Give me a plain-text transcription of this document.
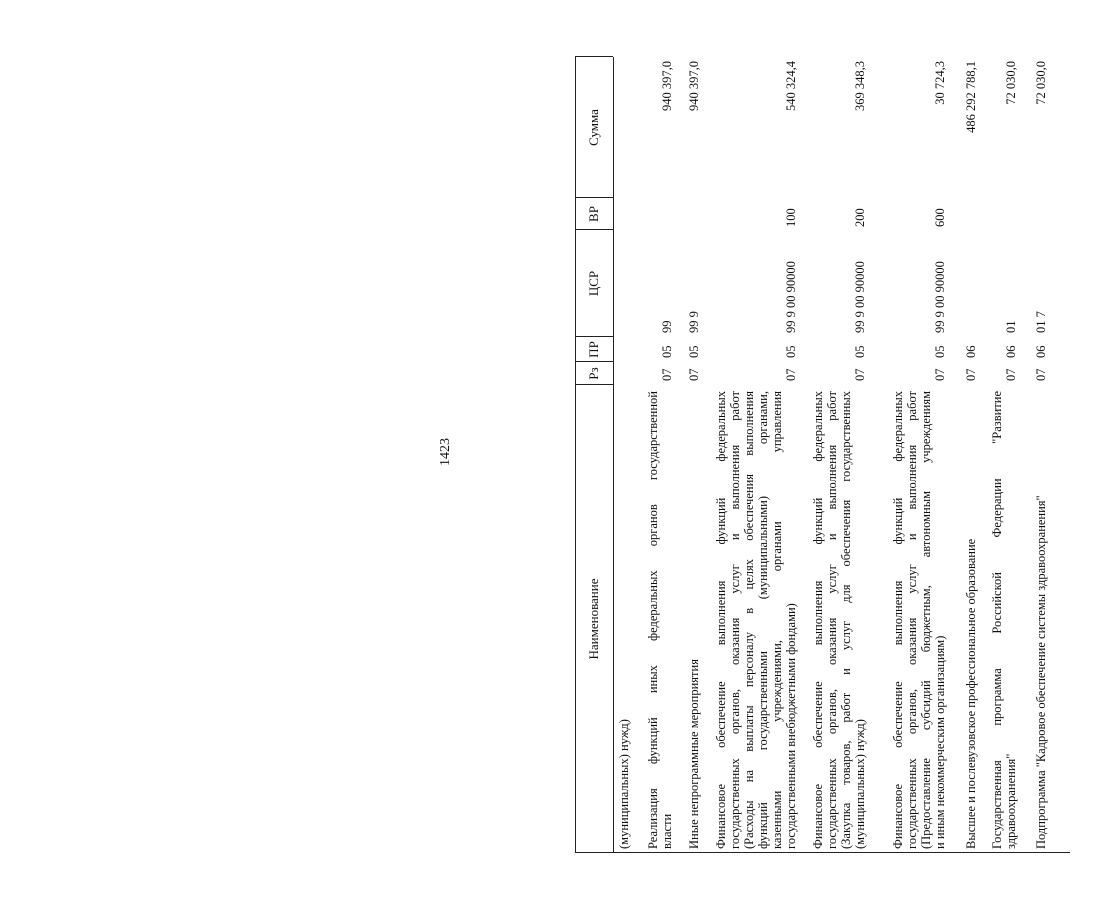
1423
Наименование
Рз
ПР
ЦСР
ВР
Сумма
(муниципальных) нужд) Реализация функций иных федеральных органов государственной власти
07
05
99
940 397,0
Иные непрограммные мероприятия
07
05
99 9
940 397,0
Финансовое обеспечение выполнения функций федеральных государственных органов, оказания услуг и выполнения работ (Расходы на выплаты персоналу в целях обеспечения выполнения функций государственными (муниципальными) органами, казенными учреждениями, органами управления государственными внебюджетными фондами)
07
05
99 9 00 90000
100
540 324,4
Финансовое обеспечение выполнения функций федеральных государственных органов, оказания услуг и выполнения работ (Закупка товаров, работ и услуг для обеспечения государственных (муниципальных) нужд)
07
05
99 9 00 90000
200
369 348,3
Финансовое обеспечение выполнения функций федеральных государственных органов, оказания услуг и выполнения работ (Предоставление субсидий бюджетным, автономным учреждениям и иным некоммерческим организациям)
07
05
99 9 00 90000
600
30 724,3
Высшее и послевузовское профессиональное образование
07
06
486 292 788,1
Государственная программа Российской Федерации "Развитие здравоохранения"
07
06
01
72 030,0
Подпрограмма "Кадровое обеспечение системы здравоохранения"
07
06
01 7
72 030,0
